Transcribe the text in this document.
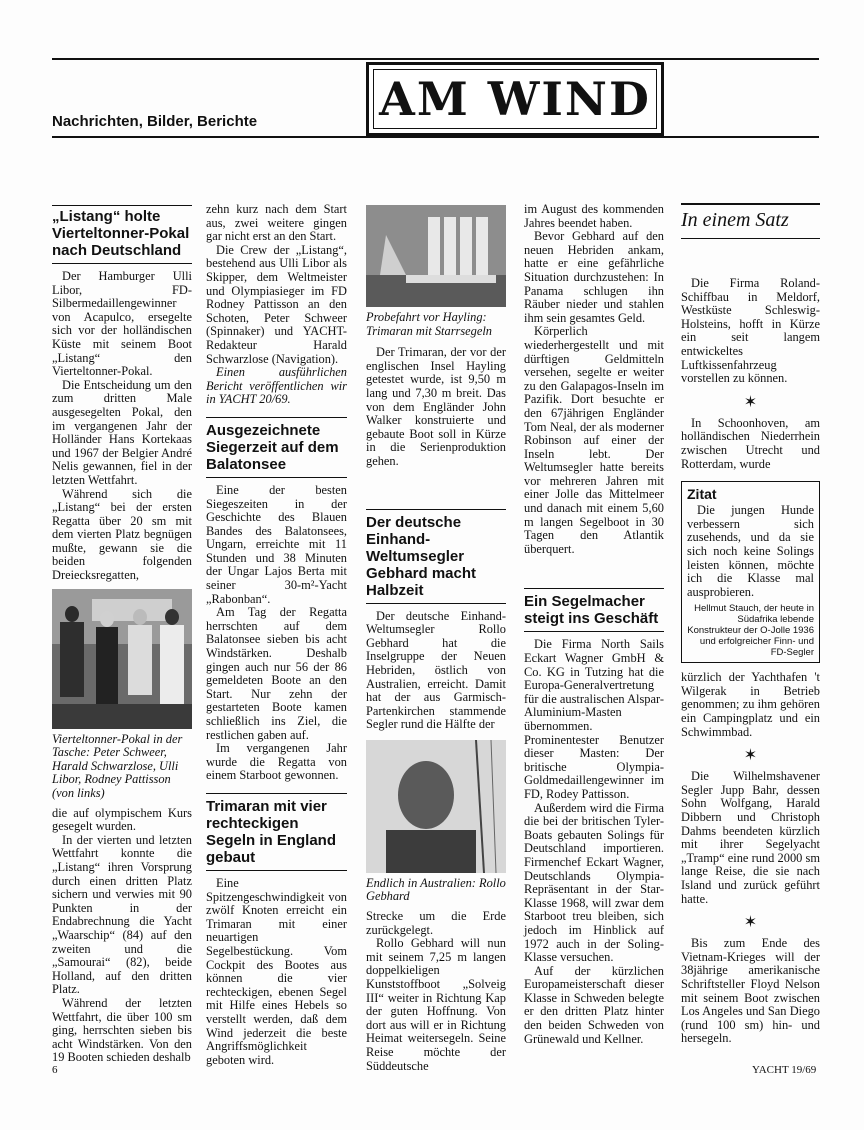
Nachrichten, Bilder, Berichte	AM WIND
„Listang“ holte Vierteltonner-Pokal nach Deutschland

Der Hamburger Ulli Libor, FD-Silbermedaillengewinner von Acapulco, ersegelte sich vor der holländischen Küste mit seinem Boot „Listang“ den Vierteltonner-Pokal.

Die Entscheidung um den zum dritten Male ausgesegelten Pokal, den im vergangenen Jahr der Holländer Hans Kortekaas und 1967 der Belgier André Nelis gewannen, fiel in der letzten Wettfahrt.

Während sich die „Listang“ bei der ersten Regatta über 20 sm mit dem vierten Platz begnügen mußte, gewann sie die beiden folgenden Dreiecksregatten,

Vierteltonner-Pokal in der Tasche: Peter Schweer, Harald Schwarzlose, Ulli Libor, Rodney Pattisson (von links)

die auf olympischem Kurs gesegelt wurden.

In der vierten und letzten Wettfahrt konnte die „Listang“ ihren Vorsprung durch einen dritten Platz sichern und verwies mit 90 Punkten in der Endabrechnung die Yacht „Waarschip“ (84) auf den zweiten und die „Samourai“ (82), beide Holland, auf den dritten Platz.

Während der letzten Wettfahrt, die über 100 sm ging, herrschten sieben bis acht Windstärken. Von den 19 Booten schieden deshalb

zehn kurz nach dem Start aus, zwei weitere gingen gar nicht erst an den Start.

Die Crew der „Listang“, bestehend aus Ulli Libor als Skipper, dem Weltmeister und Olympiasieger im FD Rodney Pattisson an den Schoten, Peter Schweer (Spinnaker) und YACHT-Redakteur Harald Schwarzlose (Navigation).

Einen ausführlichen Bericht veröffentlichen wir in YACHT 20/69.

Ausgezeichnete Siegerzeit auf dem Balatonsee

Eine der besten Siegeszeiten in der Geschichte des Blauen Bandes des Balatonsees, Ungarn, erreichte mit 11 Stunden und 38 Minuten der Ungar Lajos Berta mit seiner 30-m²-Yacht „Rabonban“.

Am Tag der Regatta herrschten auf dem Balatonsee sieben bis acht Windstärken. Deshalb gingen auch nur 56 der 86 gemeldeten Boote an den Start. Nur zehn der gestarteten Boote kamen schließlich ins Ziel, die restlichen gaben auf.

Im vergangenen Jahr wurde die Regatta von einem Starboot gewonnen.

Trimaran mit vier rechteckigen Segeln in England gebaut

Eine Spitzengeschwindigkeit von zwölf Knoten erreicht ein Trimaran mit einer neuartigen Segelbestückung. Vom Cockpit des Bootes aus können die vier rechteckigen, ebenen Segel mit Hilfe eines Hebels so verstellt werden, daß dem Wind jederzeit die beste Angriffsmöglichkeit geboten wird.

Probefahrt vor Hayling: Trimaran mit Starrsegeln

Der Trimaran, der vor der englischen Insel Hayling getestet wurde, ist 9,50 m lang und 7,30 m breit. Das von dem Engländer John Walker konstruierte und gebaute Boot soll in Kürze in die Serienproduktion gehen.

Der deutsche Einhand-Weltumsegler Gebhard macht Halbzeit

Der deutsche Einhand-Weltumsegler Rollo Gebhard hat die Inselgruppe der Neuen Hebriden, östlich von Australien, erreicht. Damit hat der aus Garmisch-Partenkirchen stammende Segler rund die Hälfte der

Endlich in Australien: Rollo Gebhard

Strecke um die Erde zurückgelegt.

Rollo Gebhard will nun mit seinem 7,25 m langen doppelkieligen Kunststoffboot „Solveig III“ weiter in Richtung Kap der guten Hoffnung. Von dort aus will er in Richtung Heimat weitersegeln. Seine Reise möchte der Süddeutsche

im August des kommenden Jahres beendet haben.

Bevor Gebhard auf den neuen Hebriden ankam, hatte er eine gefährliche Situation durchzustehen: In Panama schlugen ihn Räuber nieder und stahlen ihm sein gesamtes Geld.

Körperlich wiederhergestellt und mit dürftigen Geldmitteln versehen, segelte er weiter zu den Galapagos-Inseln im Pazifik. Dort besuchte er den 67jährigen Engländer Tom Neal, der als moderner Robinson auf einer der Inseln lebt. Der Weltumsegler hatte bereits vor mehreren Jahren mit einer Jolle das Mittelmeer und danach mit einem 5,60 m langen Segelboot in 30 Tagen den Atlantik überquert.

Ein Segelmacher steigt ins Geschäft

Die Firma North Sails Eckart Wagner GmbH & Co. KG in Tutzing hat die Europa-Generalvertretung für die australischen Alspar-Aluminium-Masten übernommen. Prominentester Benutzer dieser Masten: Der britische Olympia-Goldmedaillengewinner im FD, Rodey Pattisson.

Außerdem wird die Firma die bei der britischen Tyler-Boats gebauten Solings für Deutschland importieren. Firmenchef Eckart Wagner, Deutschlands Olympia-Repräsentant in der Star-Klasse 1968, will zwar dem Starboot treu bleiben, sich jedoch im Hinblick auf 1972 auch in der Soling-Klasse versuchen.

Auf der kürzlichen Europameisterschaft dieser Klasse in Schweden belegte er den dritten Platz hinter den beiden Schweden von Grünewald und Kellner.

In einem Satz

Die Firma Roland-Schiffbau in Meldorf, Westküste Schleswig-Holsteins, hofft in Kürze ein seit langem entwickeltes Luftkissenfahrzeug vorstellen zu können.

✶

In Schoonhoven, am holländischen Niederrhein zwischen Utrecht und Rotterdam, wurde

Zitat

Die jungen Hunde verbessern sich zusehends, und da sie sich noch keine Solings leisten können, möchte ich die Klasse mal ausprobieren.

Hellmut Stauch, der heute in Südafrika lebende Konstrukteur der O-Jolle 1936 und erfolgreicher Finn- und FD-Segler

kürzlich der Yachthafen 't Wilgerak in Betrieb genommen; zu ihm gehören ein Campingplatz und ein Schwimmbad.

✶

Die Wilhelmshavener Segler Jupp Bahr, dessen Sohn Wolfgang, Harald Dibbern und Christoph Dahms beendeten kürzlich mit ihrer Segelyacht „Tramp“ eine rund 2000 sm lange Reise, die sie nach Island und zurück geführt hatte.

✶

Bis zum Ende des Vietnam-Krieges will der 38jährige amerikanische Schriftsteller Floyd Nelson mit seinem Boot zwischen Los Angeles und San Diego (rund 100 sm) hin- und hersegeln.

6	YACHT 19/69
